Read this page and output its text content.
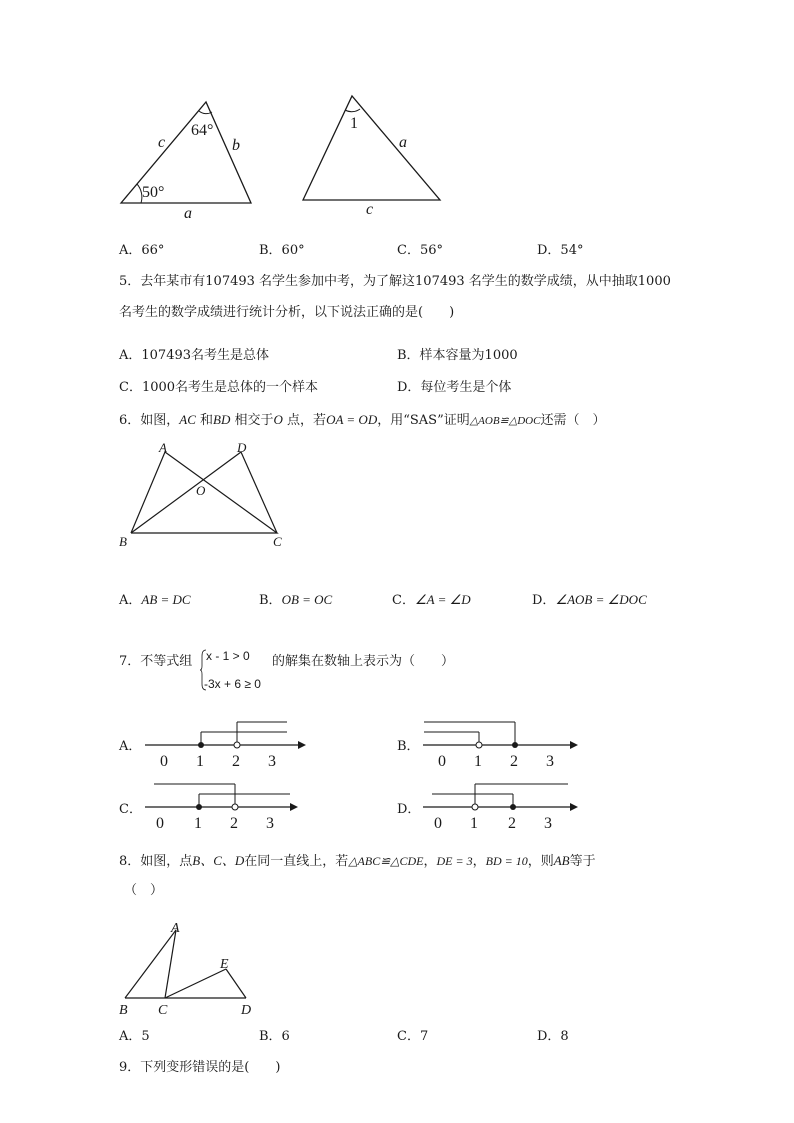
64°
50°
c	b
a
1
a
c
A．66°	B．60°	C．56°	D．54°
5．去年某市有107493 名学生参加中考，为了解这107493 名学生的数学成绩，从中抽取1000
名考生的数学成绩进行统计分析，以下说法正确的是(　　)
A．107493名考生是总体	B．样本容量为1000
C．1000名考生是总体的一个样本	D．每位考生是个体
6．如图，AC 和BD 相交于O 点，若OA = OD，用“SAS”证明△AOB≌△DOC还需（　）
A	D
O
B	C
A．AB = DC	B．OB = OC	C．∠A = ∠D	D．∠AOB = ∠DOC
7．不等式组 x - 1 > 0
-3x + 6 ≥ 0
的解集在数轴上表示为（　　）
A．
0 1 2 3
B．
0 1 2 3
C．
0 1 2 3
D．
0 1 2 3
8．如图，点B、C、D在同一直线上，若△ABC≌△CDE，DE = 3，BD = 10，则AB等于
（　）
A
E
B C	D
A．5	B．6	C．7	D．8
9．下列变形错误的是(　　)
